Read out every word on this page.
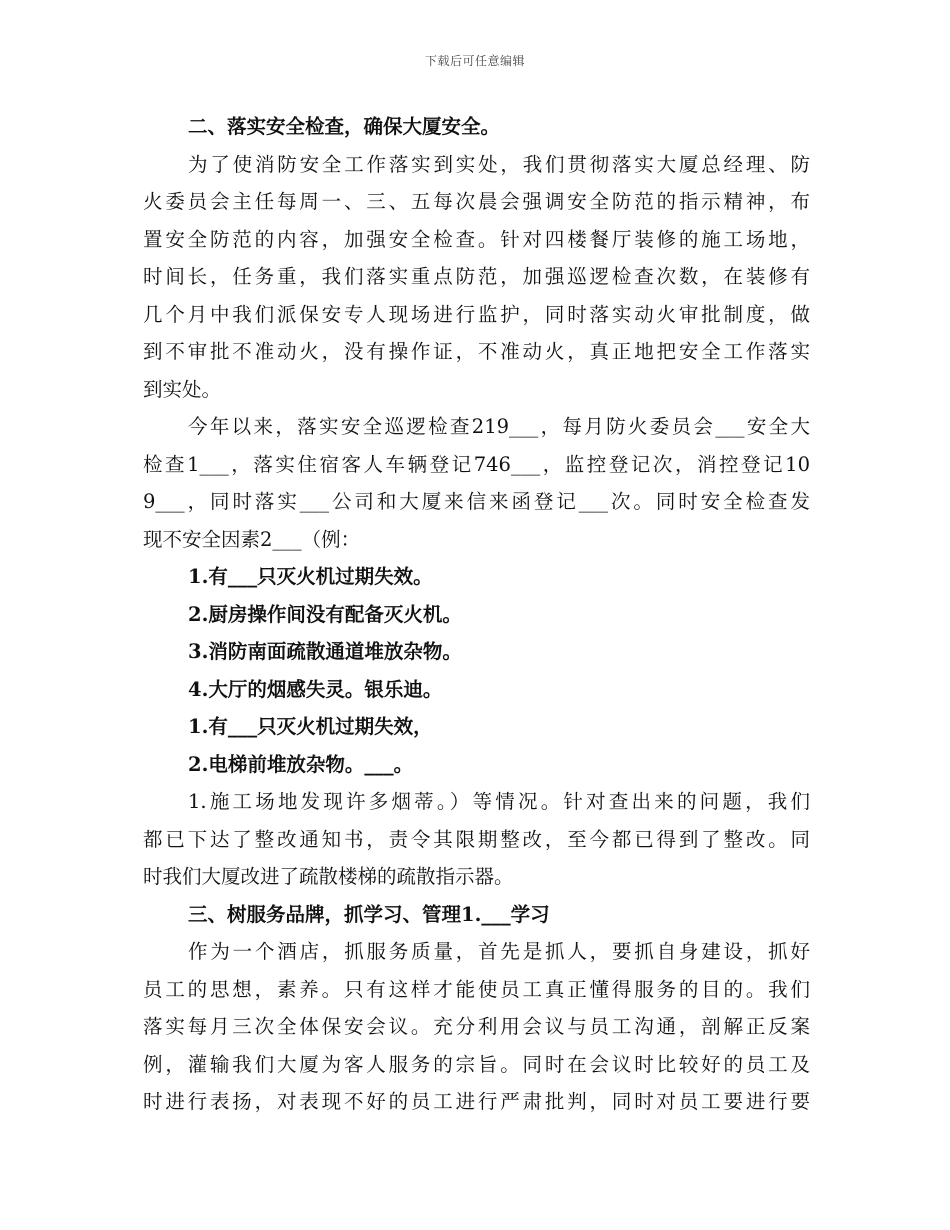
下载后可任意编辑
二、落实安全检查，确保大厦安全。
为了使消防安全工作落实到实处，我们贯彻落实大厦总经理、防
火委员会主任每周一、三、五每次晨会强调安全防范的指示精神，布
置安全防范的内容，加强安全检查。针对四楼餐厅装修的施工场地，
时间长，任务重，我们落实重点防范，加强巡逻检查次数，在装修有
几个月中我们派保安专人现场进行监护，同时落实动火审批制度，做
到不审批不准动火，没有操作证，不准动火，真正地把安全工作落实
到实处。
今年以来，落实安全巡逻检查219___，每月防火委员会___安全大
检查1___，落实住宿客人车辆登记746___，监控登记次，消控登记10
9___，同时落实___公司和大厦来信来函登记___次。同时安全检查发
现不安全因素2___（例：
1.有___只灭火机过期失效。
2.厨房操作间没有配备灭火机。
3.消防南面疏散通道堆放杂物。
4.大厅的烟感失灵。银乐迪。
1.有___只灭火机过期失效，
2.电梯前堆放杂物。___。
1.施工场地发现许多烟蒂。）等情况。针对查出来的问题，我们
都已下达了整改通知书，责令其限期整改，至今都已得到了整改。同
时我们大厦改进了疏散楼梯的疏散指示器。
三、树服务品牌，抓学习、管理1.___学习
作为一个酒店，抓服务质量，首先是抓人，要抓自身建设，抓好
员工的思想，素养。只有这样才能使员工真正懂得服务的目的。我们
落实每月三次全体保安会议。充分利用会议与员工沟通，剖解正反案
例，灌输我们大厦为客人服务的宗旨。同时在会议时比较好的员工及
时进行表扬，对表现不好的员工进行严肃批判，同时对员工要进行要
